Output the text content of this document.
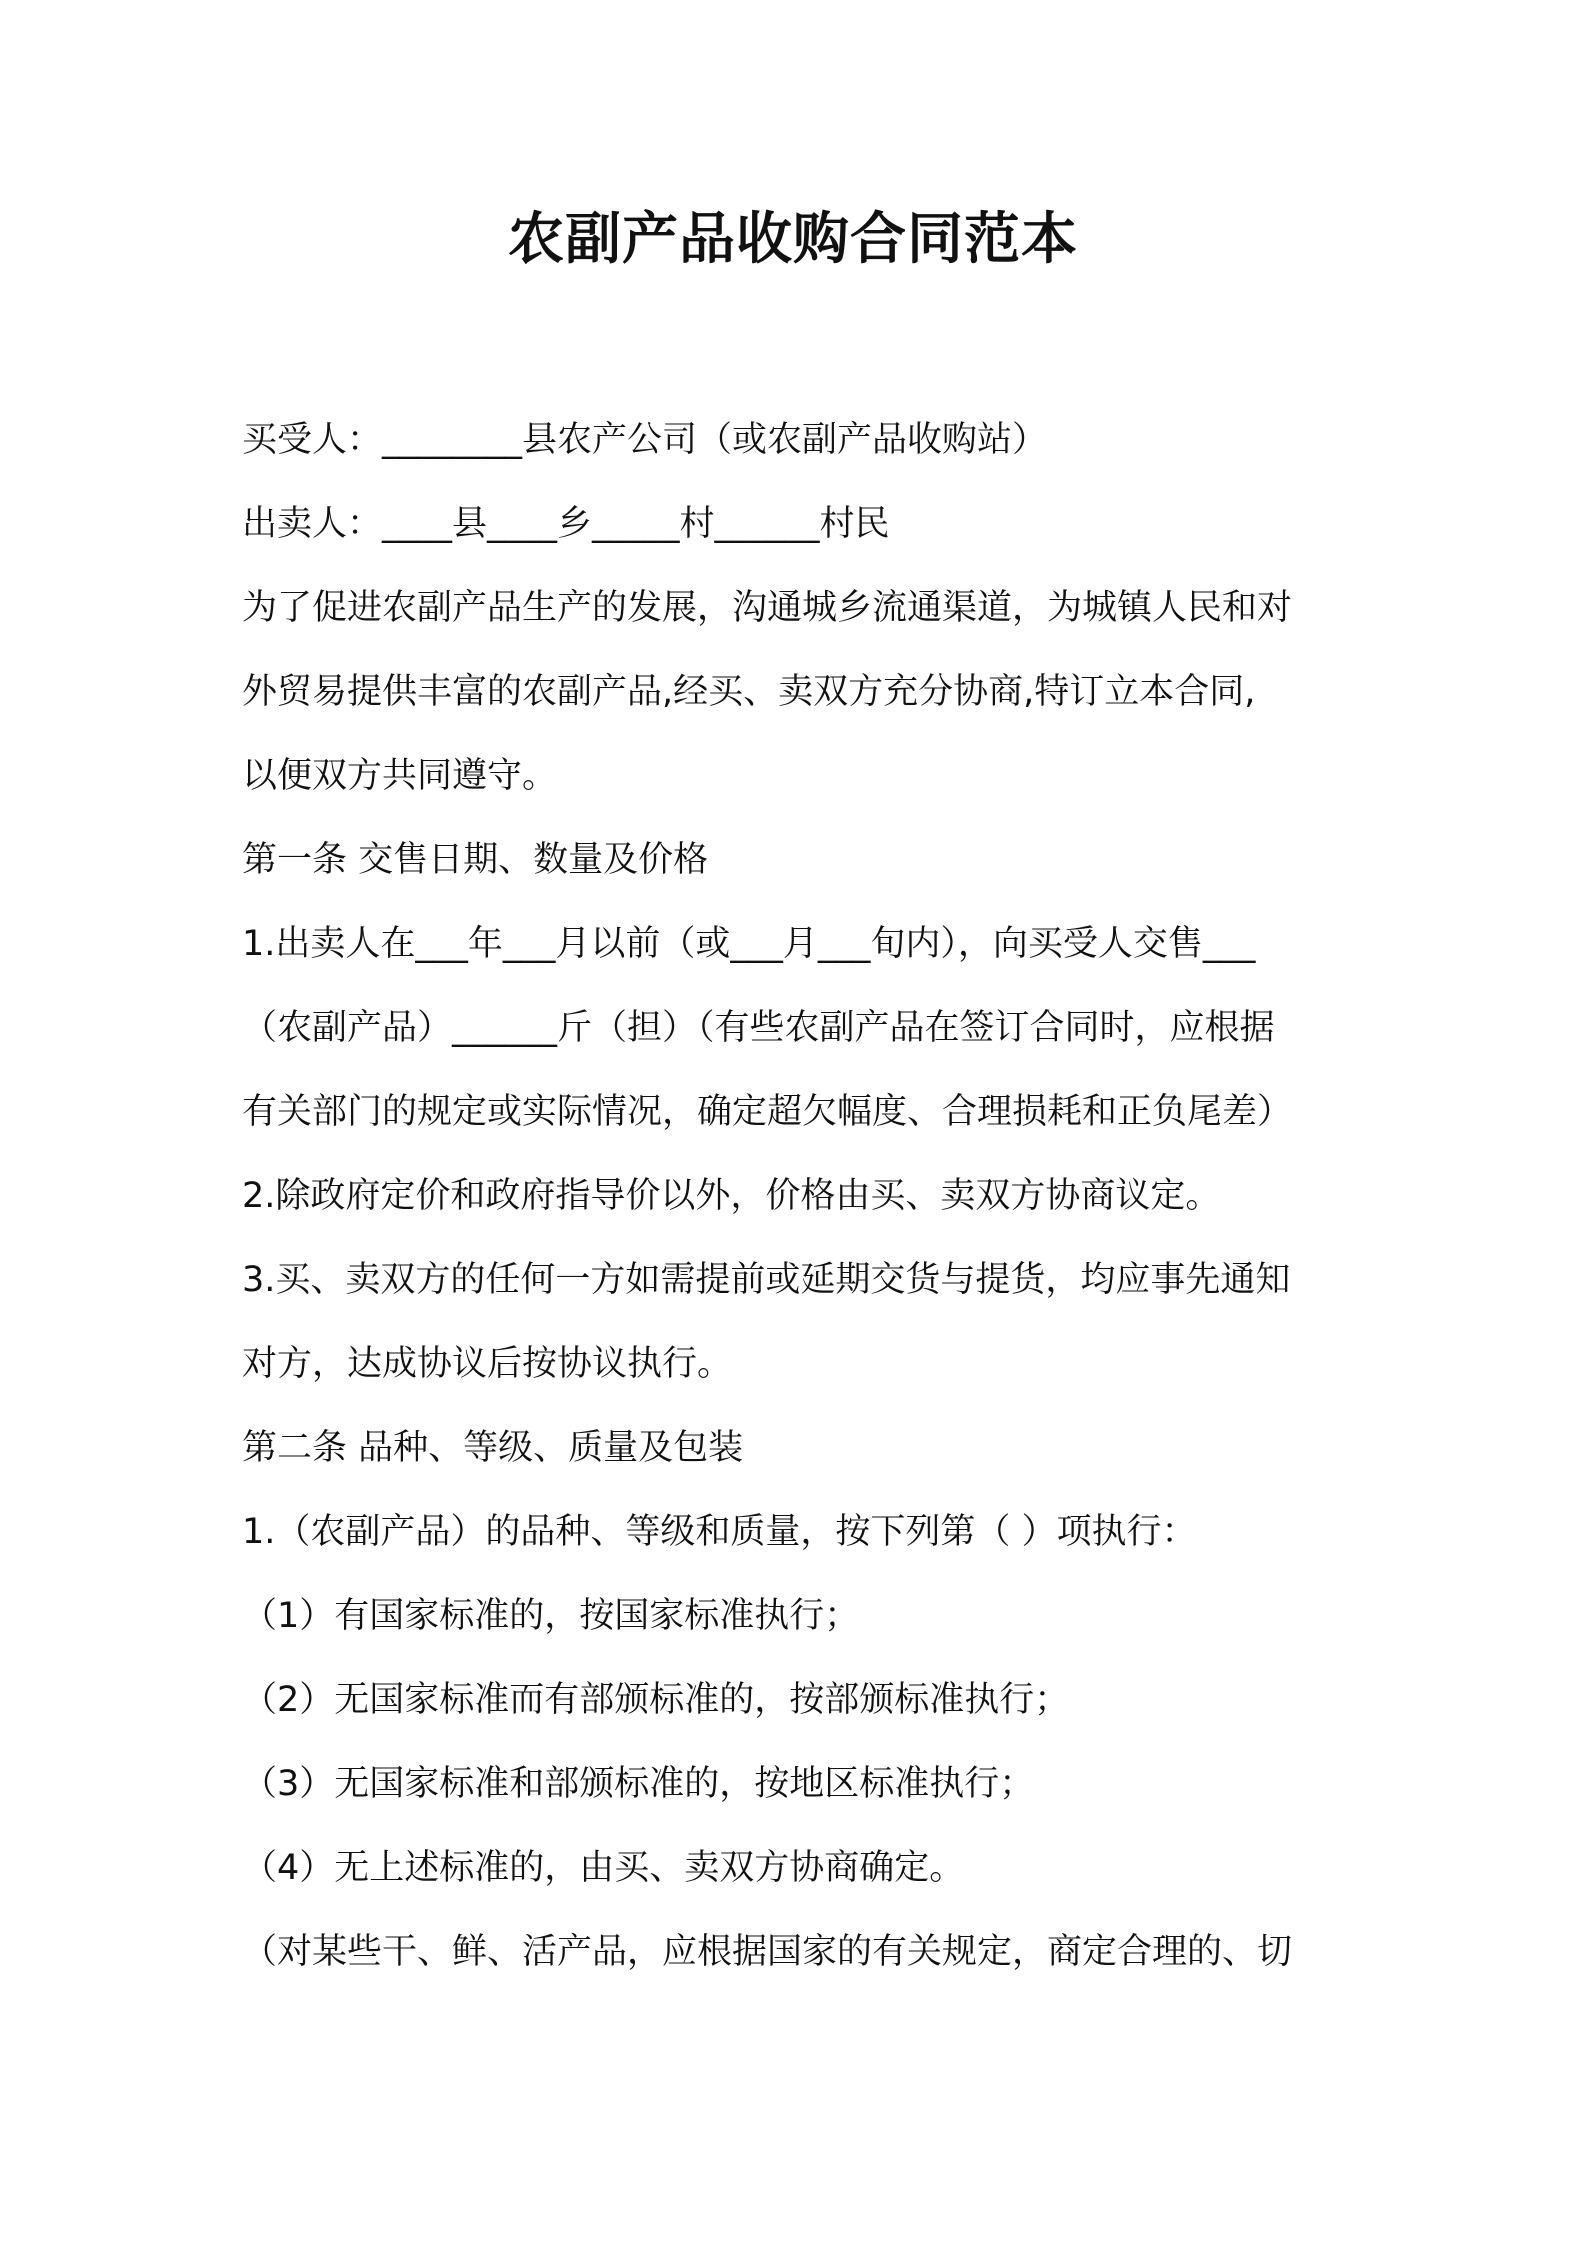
农副产品收购合同范本

买受人：________县农产公司（或农副产品收购站）

出卖人：____县____乡_____村______村民

为了促进农副产品生产的发展，沟通城乡流通渠道，为城镇人民和对

外贸易提供丰富的农副产品,经买、卖双方充分协商,特订立本合同,

以便双方共同遵守。

第一条 交售日期、数量及价格

1.出卖人在___年___月以前（或___月___旬内），向买受人交售___

（农副产品）______斤（担）（有些农副产品在签订合同时，应根据

有关部门的规定或实际情况，确定超欠幅度、合理损耗和正负尾差）

2.除政府定价和政府指导价以外，价格由买、卖双方协商议定。

3.买、卖双方的任何一方如需提前或延期交货与提货，均应事先通知

对方，达成协议后按协议执行。

第二条 品种、等级、质量及包装

1.（农副产品）的品种、等级和质量，按下列第（ ）项执行：

（1）有国家标准的，按国家标准执行；

（2）无国家标准而有部颁标准的，按部颁标准执行；

（3）无国家标准和部颁标准的，按地区标准执行；

（4）无上述标准的，由买、卖双方协商确定。

（对某些干、鲜、活产品，应根据国家的有关规定，商定合理的、切
